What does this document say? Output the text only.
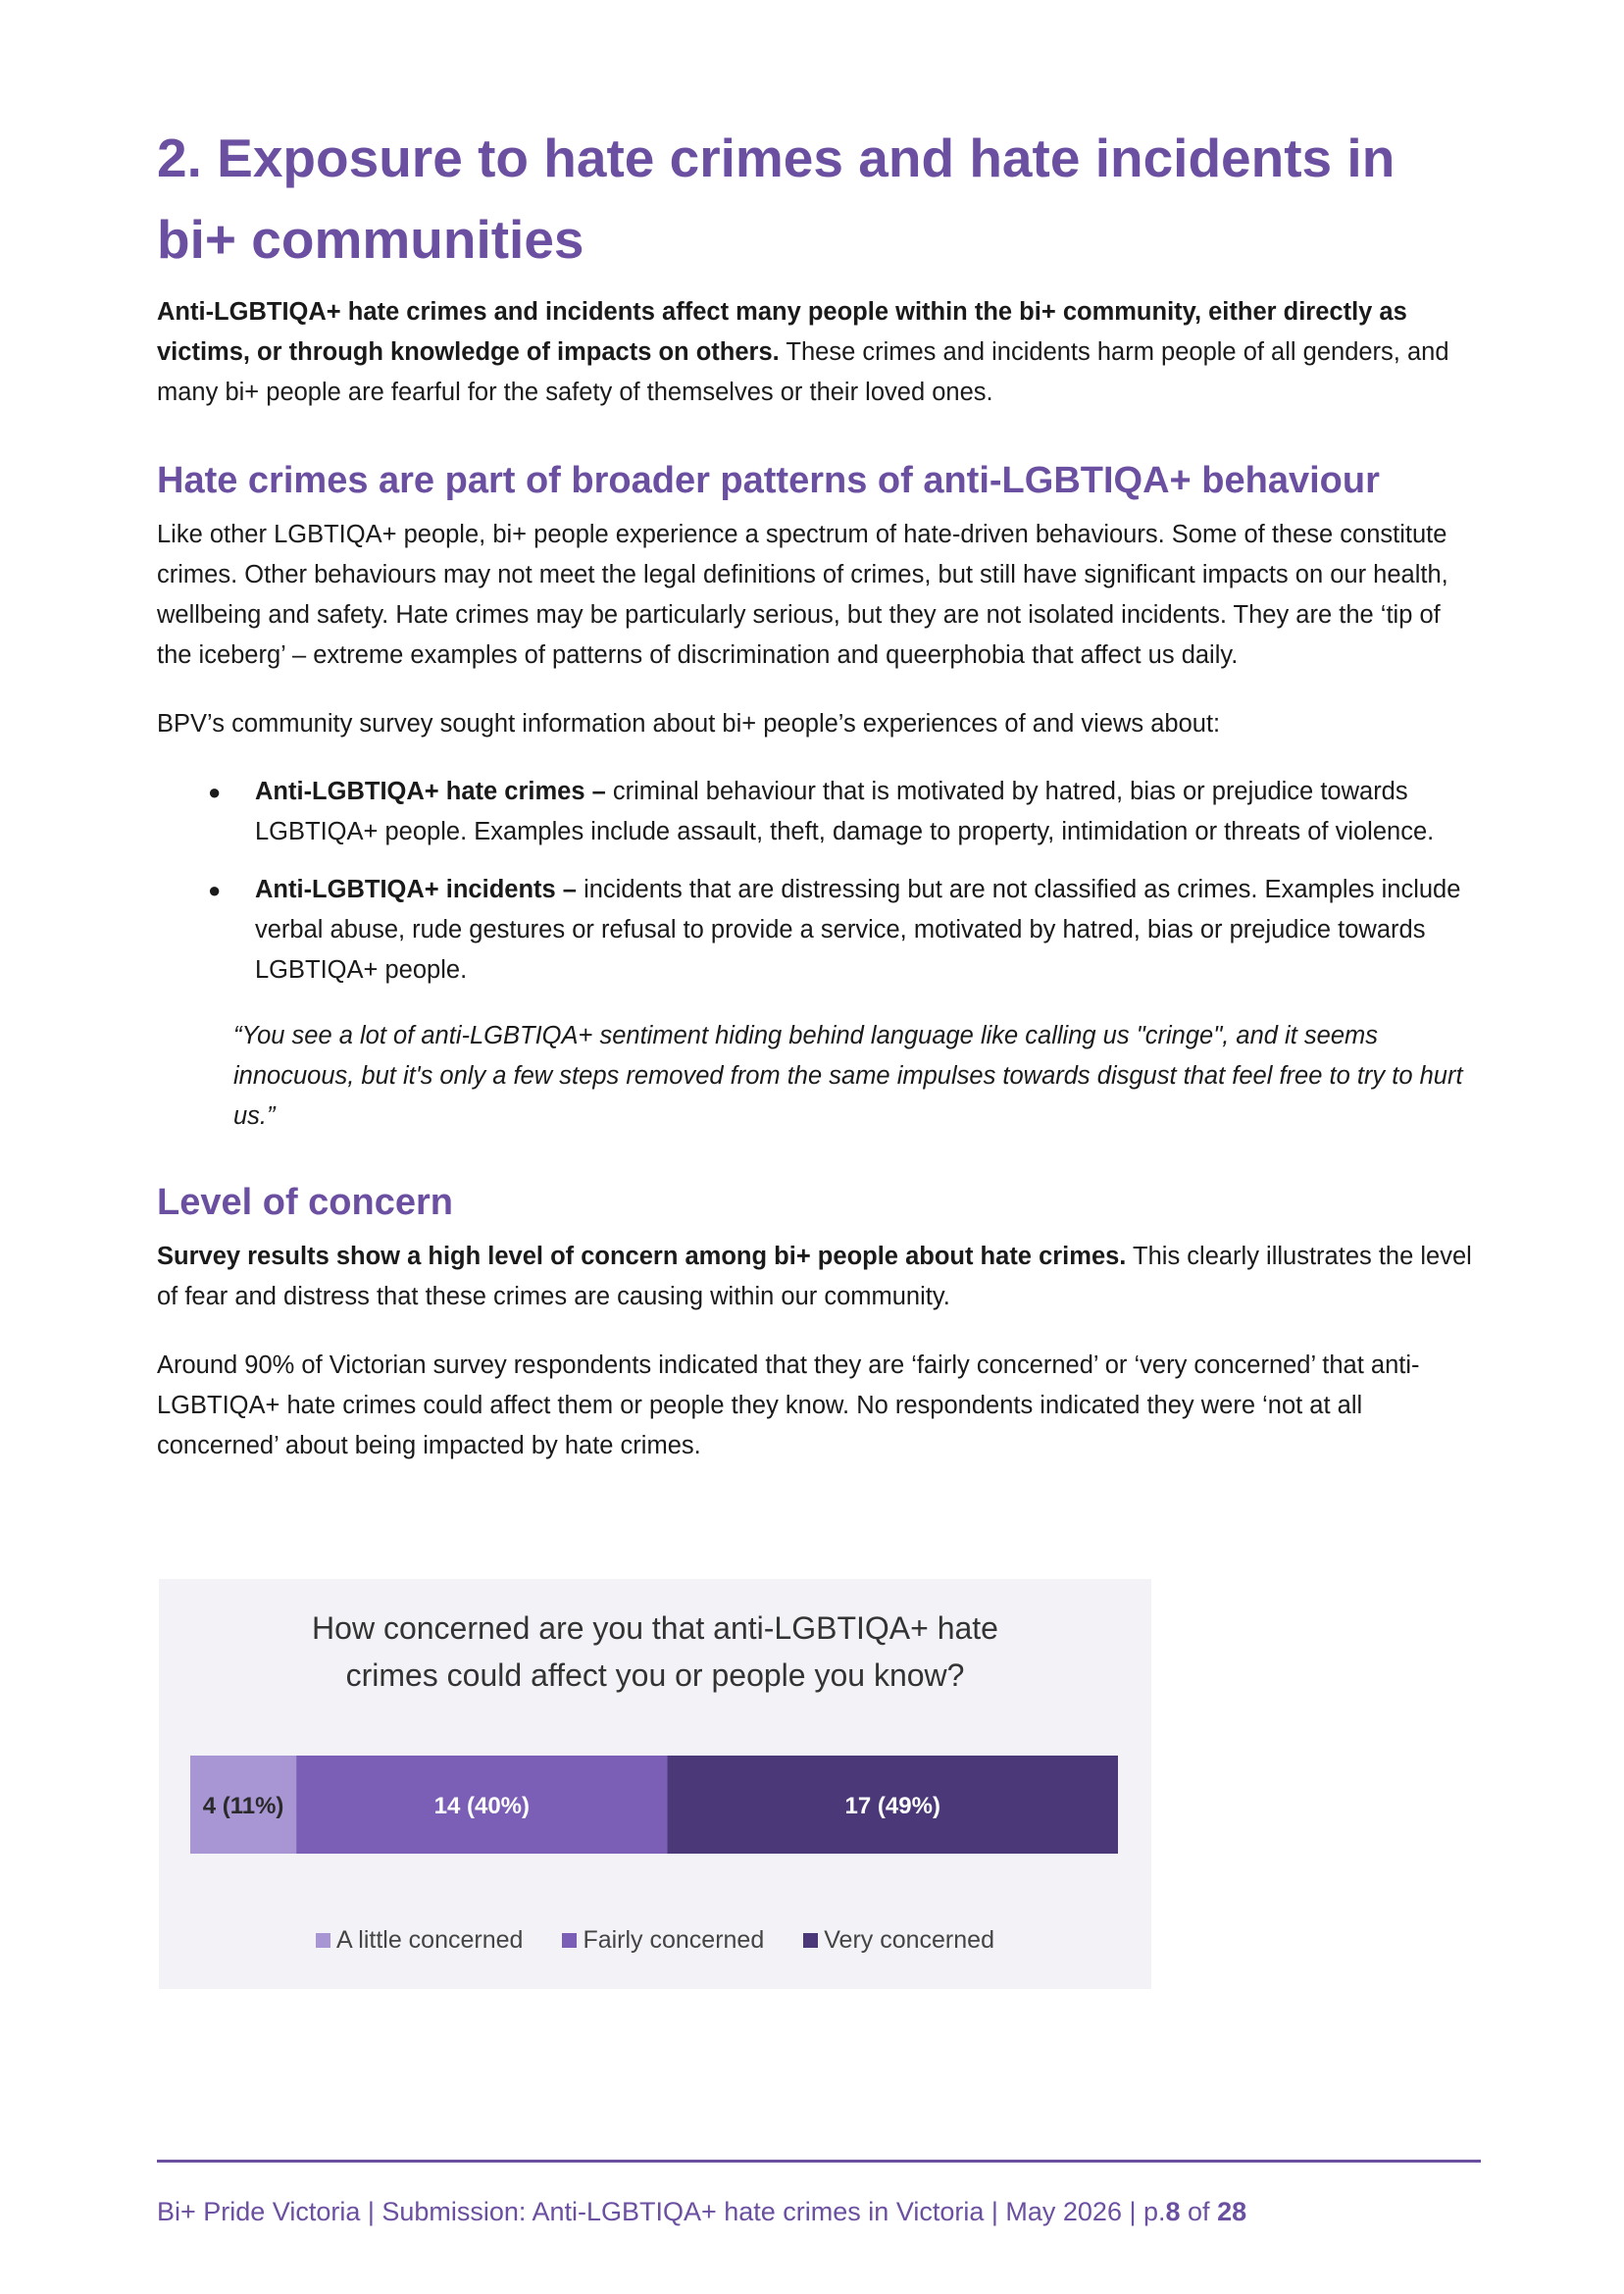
2. Exposure to hate crimes and hate incidents in bi+ communities

Anti-LGBTIQA+ hate crimes and incidents affect many people within the bi+ community, either directly as victims, or through knowledge of impacts on others. These crimes and incidents harm people of all genders, and many bi+ people are fearful for the safety of themselves or their loved ones.

Hate crimes are part of broader patterns of anti-LGBTIQA+ behaviour

Like other LGBTIQA+ people, bi+ people experience a spectrum of hate-driven behaviours. Some of these constitute crimes. Other behaviours may not meet the legal definitions of crimes, but still have significant impacts on our health, wellbeing and safety. Hate crimes may be particularly serious, but they are not isolated incidents. They are the ‘tip of the iceberg’ – extreme examples of patterns of discrimination and queerphobia that affect us daily.

BPV’s community survey sought information about bi+ people’s experiences of and views about:

● Anti-LGBTIQA+ hate crimes – criminal behaviour that is motivated by hatred, bias or prejudice towards LGBTIQA+ people. Examples include assault, theft, damage to property, intimidation or threats of violence.
● Anti-LGBTIQA+ incidents – incidents that are distressing but are not classified as crimes. Examples include verbal abuse, rude gestures or refusal to provide a service, motivated by hatred, bias or prejudice towards LGBTIQA+ people.

“You see a lot of anti-LGBTIQA+ sentiment hiding behind language like calling us "cringe", and it seems innocuous, but it's only a few steps removed from the same impulses towards disgust that feel free to try to hurt us.”

Level of concern

Survey results show a high level of concern among bi+ people about hate crimes. This clearly illustrates the level of fear and distress that these crimes are causing within our community.

Around 90% of Victorian survey respondents indicated that they are ‘fairly concerned’ or ‘very concerned’ that anti-LGBTIQA+ hate crimes could affect them or people they know. No respondents indicated they were ‘not at all concerned’ about being impacted by hate crimes.

How concerned are you that anti-LGBTIQA+ hate
crimes could affect you or people you know?
4 (11%)	14 (40%)	17 (49%)
A little concerned Fairly concerned Very concerned
Bi+ Pride Victoria | Submission: Anti-LGBTIQA+ hate crimes in Victoria | May 2026 | p.8 of 28
